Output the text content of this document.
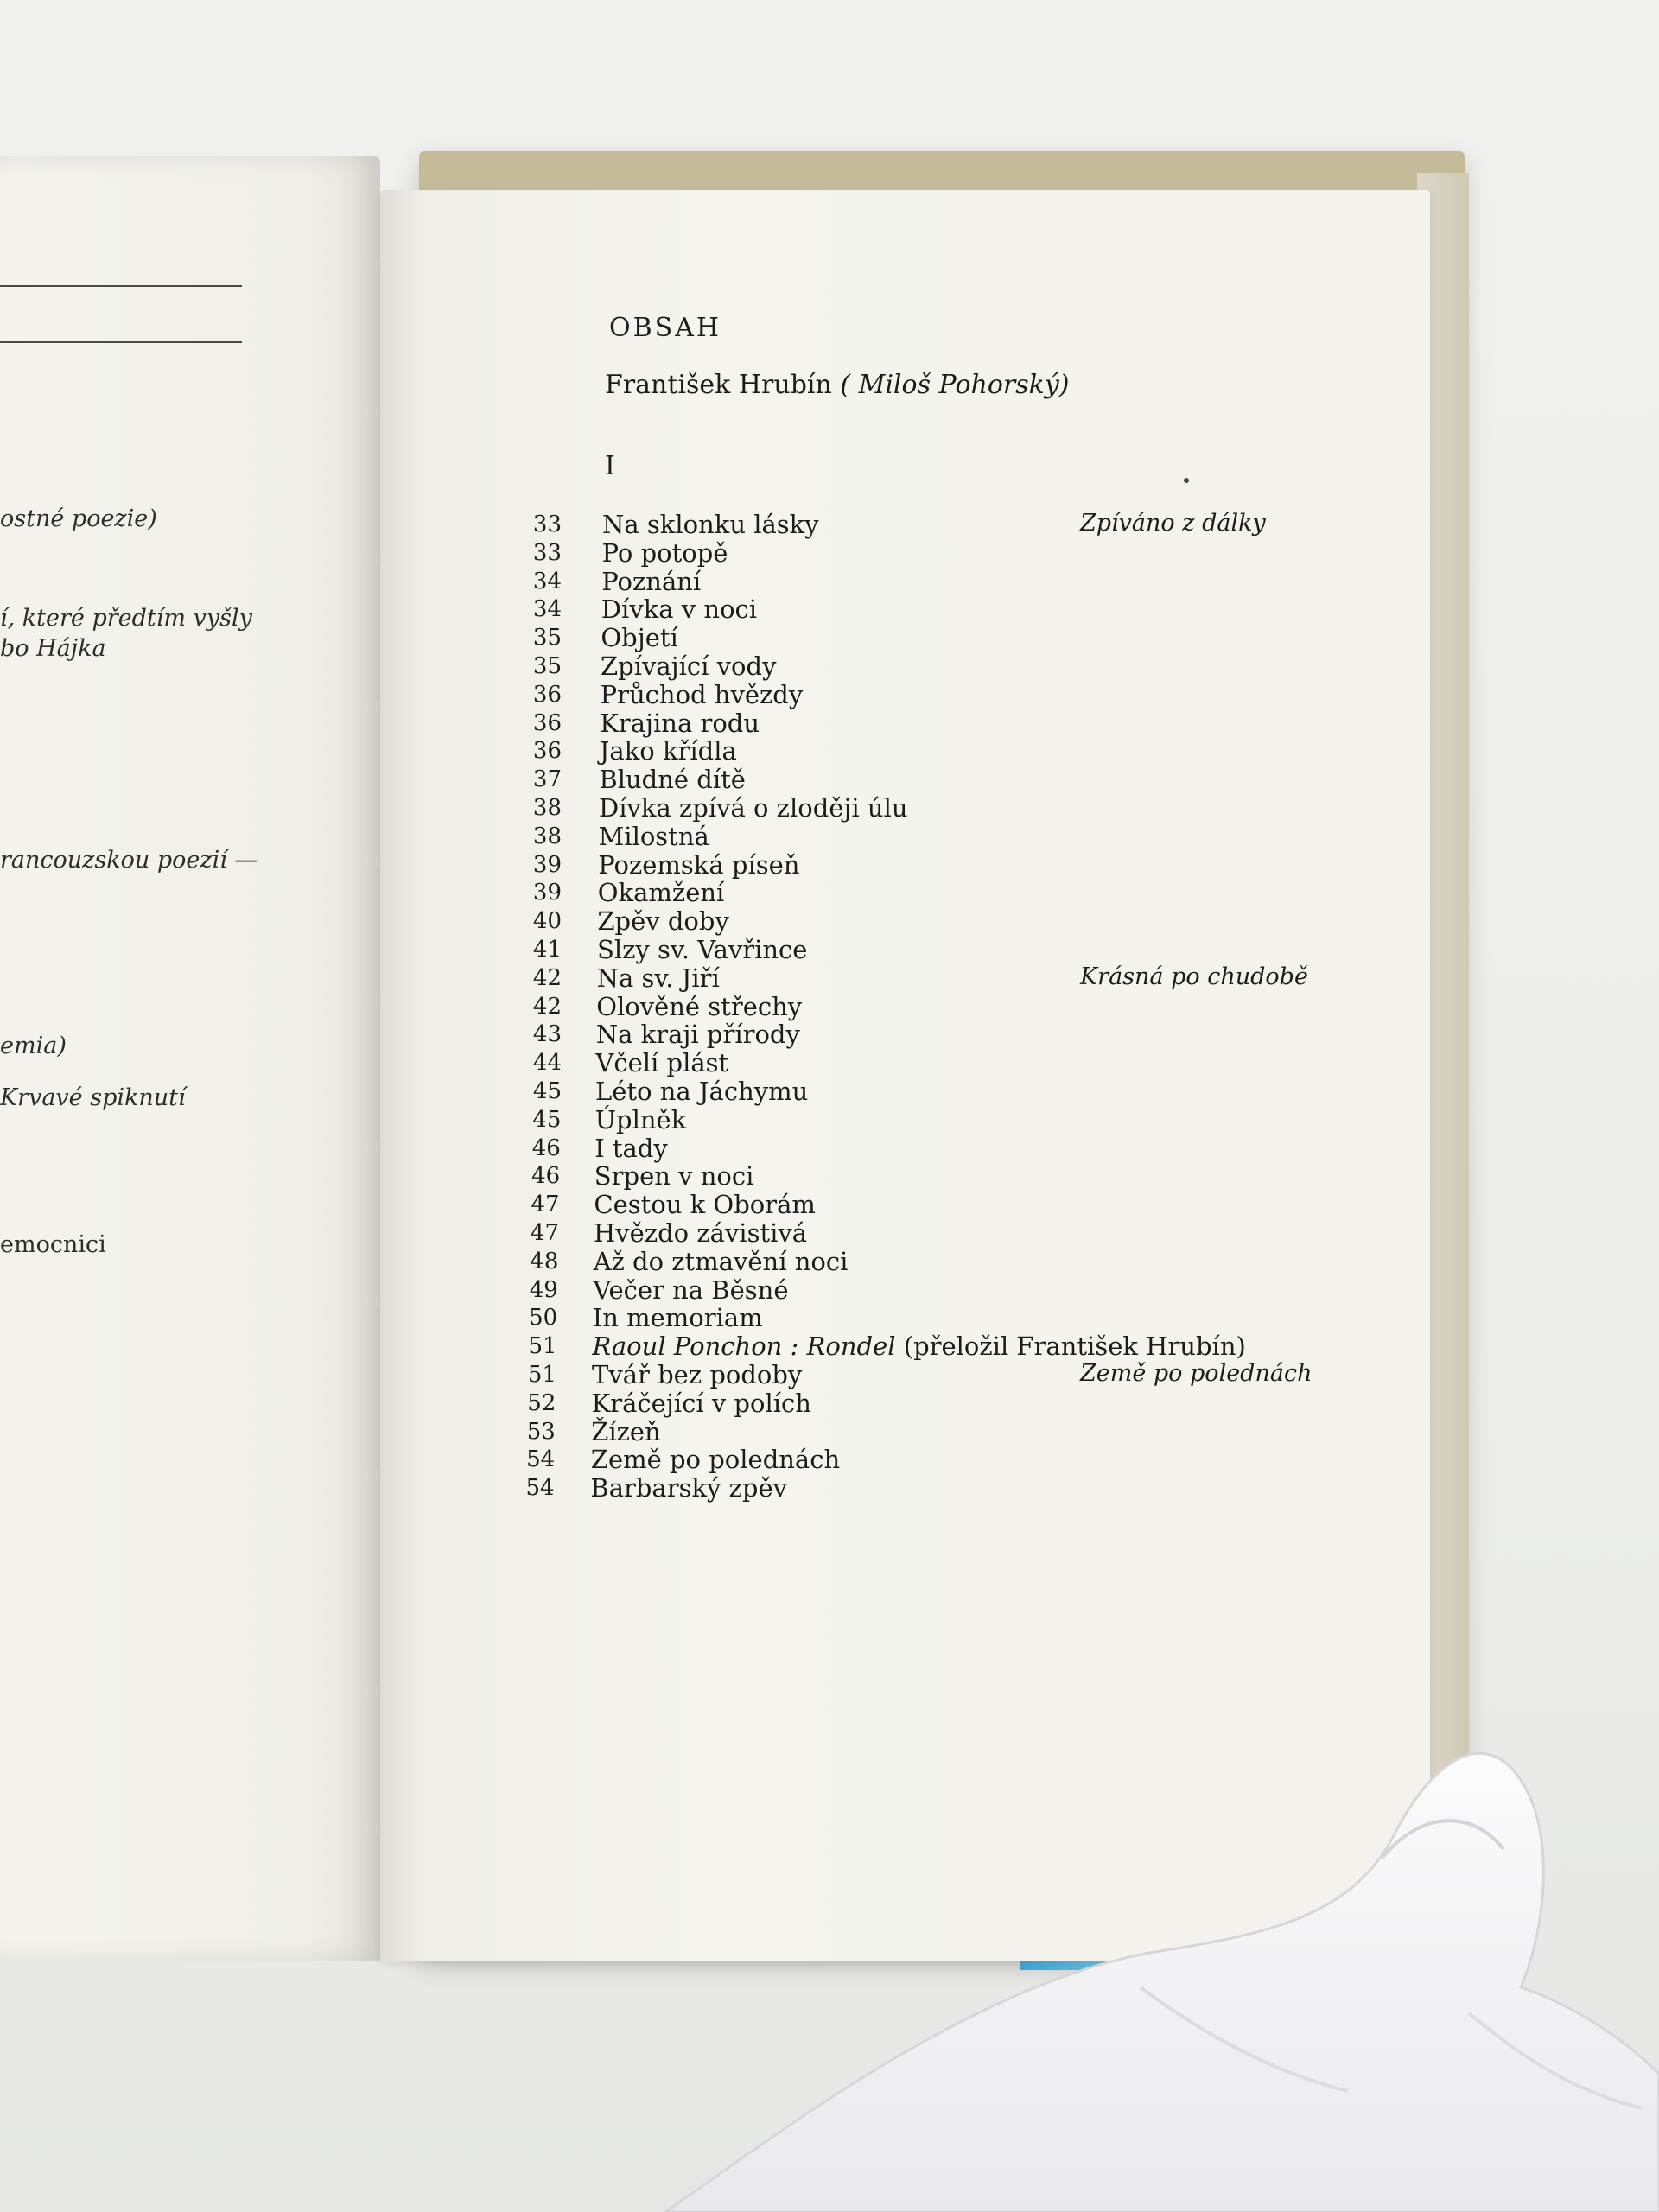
ostné poezie)
í, které předtím vyšly
bo Hájka
rancouzskou poezií —
emia)
Krvavé spiknutí
emocnici
OBSAH
František Hrubín ( Miloš Pohorský)
I
33 Na sklonku lásky	Zpíváno z dálky
33 Po potopě
34 Poznání
34 Dívka v noci
35 Objetí
35 Zpívající vody
36 Průchod hvězdy
36 Krajina rodu
36 Jako křídla
37 Bludné dítě
38 Dívka zpívá o zloději úlu
38 Milostná
39 Pozemská píseň
39 Okamžení
40 Zpěv doby
41 Slzy sv. Vavřince
42 Na sv. Jiří	Krásná po chudobě
42 Olověné střechy
43 Na kraji přírody
44 Včelí plást
45 Léto na Jáchymu
45 Úplněk
46 I tady
46 Srpen v noci
47 Cestou k Oborám
47 Hvězdo závistivá
48 Až do ztmavění noci
49 Večer na Běsné
50 In memoriam
51 Raoul Ponchon : Rondel (přeložil František Hrubín)
51 Tvář bez podoby	Země po polednách
52 Kráčející v polích
53 Žízeň
54 Země po polednách
54 Barbarský zpěv
